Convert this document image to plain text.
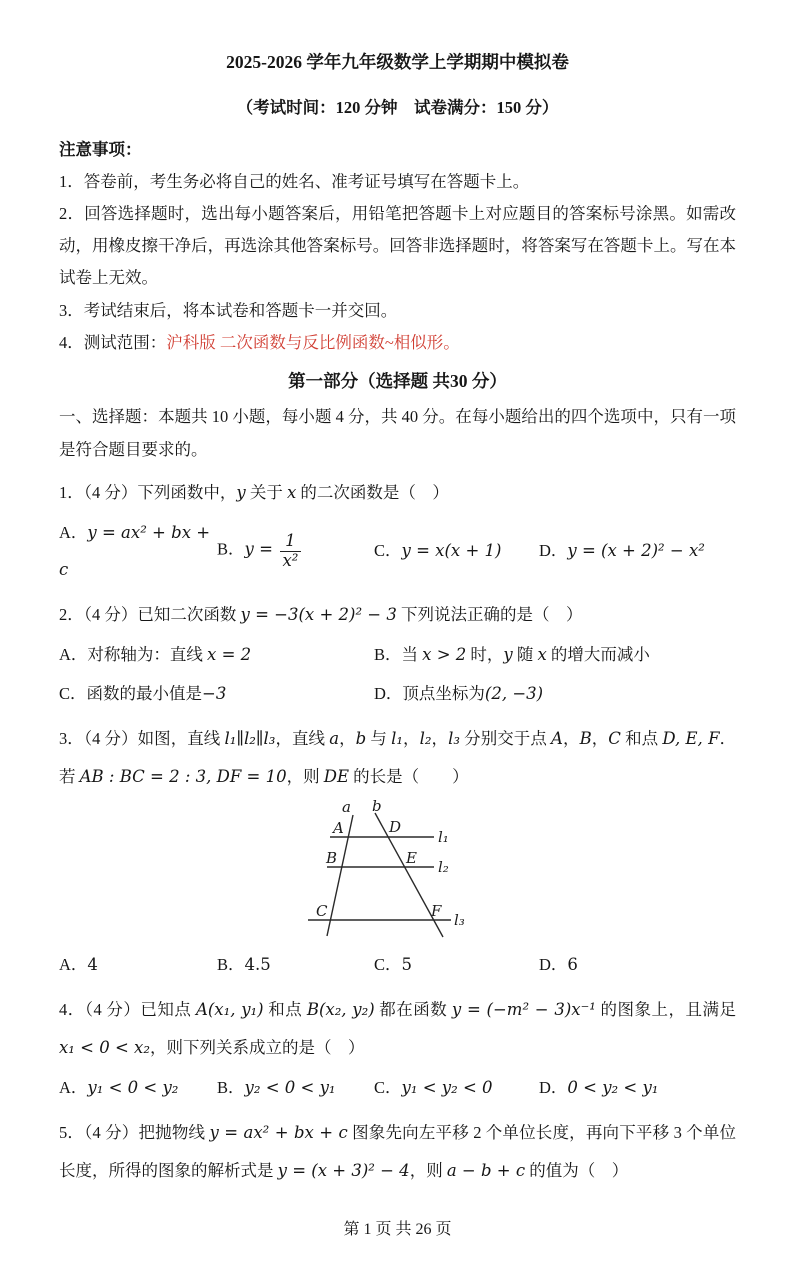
2025-2026 学年九年级数学上学期期中模拟卷

（考试时间：120 分钟　试卷满分：150 分）

注意事项：

1．答卷前，考生务必将自己的姓名、准考证号填写在答题卡上。

2．回答选择题时，选出每小题答案后，用铅笔把答题卡上对应题目的答案标号涂黑。如需改动，用橡皮擦干净后，再选涂其他答案标号。回答非选择题时，将答案写在答题卡上。写在本试卷上无效。

3．考试结束后，将本试卷和答题卡一并交回。

4．测试范围：沪科版 二次函数与反比例函数~相似形。

第一部分（选择题 共30 分）

一、选择题：本题共 10 小题，每小题 4 分，共 40 分。在每小题给出的四个选项中，只有一项是符合题目要求的。

1．（4 分）下列函数中，y 关于 x 的二次函数是（　）

A．y = ax² + bx + c
B．$y = \frac{1}{\text{x²}}$	C．y = x(x + 1)	D．y = (x + 2)² − x²

2．（4 分）已知二次函数 y = −3(x + 2)² − 3 下列说法正确的是（　）

A．对称轴为：直线 x = 2	B．当 x > 2 时，y 随 x 的增大而减小
C．函数的最小值是−3	D．顶点坐标为(2, −3)

3．（4 分）如图，直线 l₁∥l₂∥l₃，直线 a，b 与 l₁，l₂，l₃ 分别交于点 A，B，C 和点 D, E, F．若 AB : BC = 2 : 3, DF = 10，则 DE 的长是（　　）

a b
A	D
l₁
B	E l₂
C	F l₃
A．4	B．4.5	C．5	D．6

4．（4 分）已知点 A(x₁, y₁) 和点 B(x₂, y₂) 都在函数 y = (−m² − 3)x⁻¹ 的图象上，且满足 x₁ < 0 < x₂，则下列关系成立的是（　）

A．y₁ < 0 < y₂	B．y₂ < 0 < y₁	C．y₁ < y₂ < 0	D．0 < y₂ < y₁

5．（4 分）把抛物线 y = ax² + bx + c 图象先向左平移 2 个单位长度，再向下平移 3 个单位长度，所得的图象的解析式是 y = (x + 3)² − 4，则 a − b + c 的值为（　）

第 1 页 共 26 页
